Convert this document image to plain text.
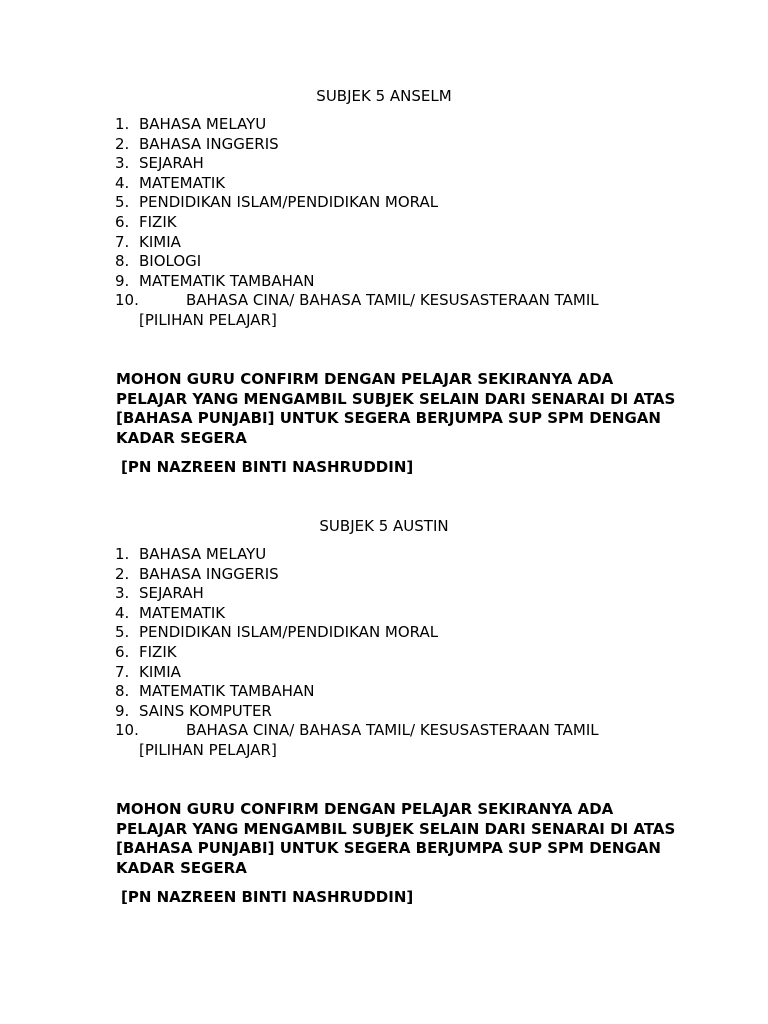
SUBJEK 5 ANSELM
1. BAHASA MELAYU
2. BAHASA INGGERIS
3. SEJARAH
4. MATEMATIK
5. PENDIDIKAN ISLAM/PENDIDIKAN MORAL
6. FIZIK
7. KIMIA
8. BIOLOGI
9. MATEMATIK TAMBAHAN
10.	BAHASA CINA/ BAHASA TAMIL/ KESUSASTERAAN TAMIL
[PILIHAN PELAJAR]
MOHON GURU CONFIRM DENGAN PELAJAR SEKIRANYA ADA PELAJAR YANG MENGAMBIL SUBJEK SELAIN DARI SENARAI DI ATAS [BAHASA PUNJABI] UNTUK SEGERA BERJUMPA SUP SPM DENGAN KADAR SEGERA
[PN NAZREEN BINTI NASHRUDDIN]
SUBJEK 5 AUSTIN
1. BAHASA MELAYU
2. BAHASA INGGERIS
3. SEJARAH
4. MATEMATIK
5. PENDIDIKAN ISLAM/PENDIDIKAN MORAL
6. FIZIK
7. KIMIA
8. MATEMATIK TAMBAHAN
9. SAINS KOMPUTER
10.	BAHASA CINA/ BAHASA TAMIL/ KESUSASTERAAN TAMIL
[PILIHAN PELAJAR]
MOHON GURU CONFIRM DENGAN PELAJAR SEKIRANYA ADA PELAJAR YANG MENGAMBIL SUBJEK SELAIN DARI SENARAI DI ATAS [BAHASA PUNJABI] UNTUK SEGERA BERJUMPA SUP SPM DENGAN KADAR SEGERA
[PN NAZREEN BINTI NASHRUDDIN]
